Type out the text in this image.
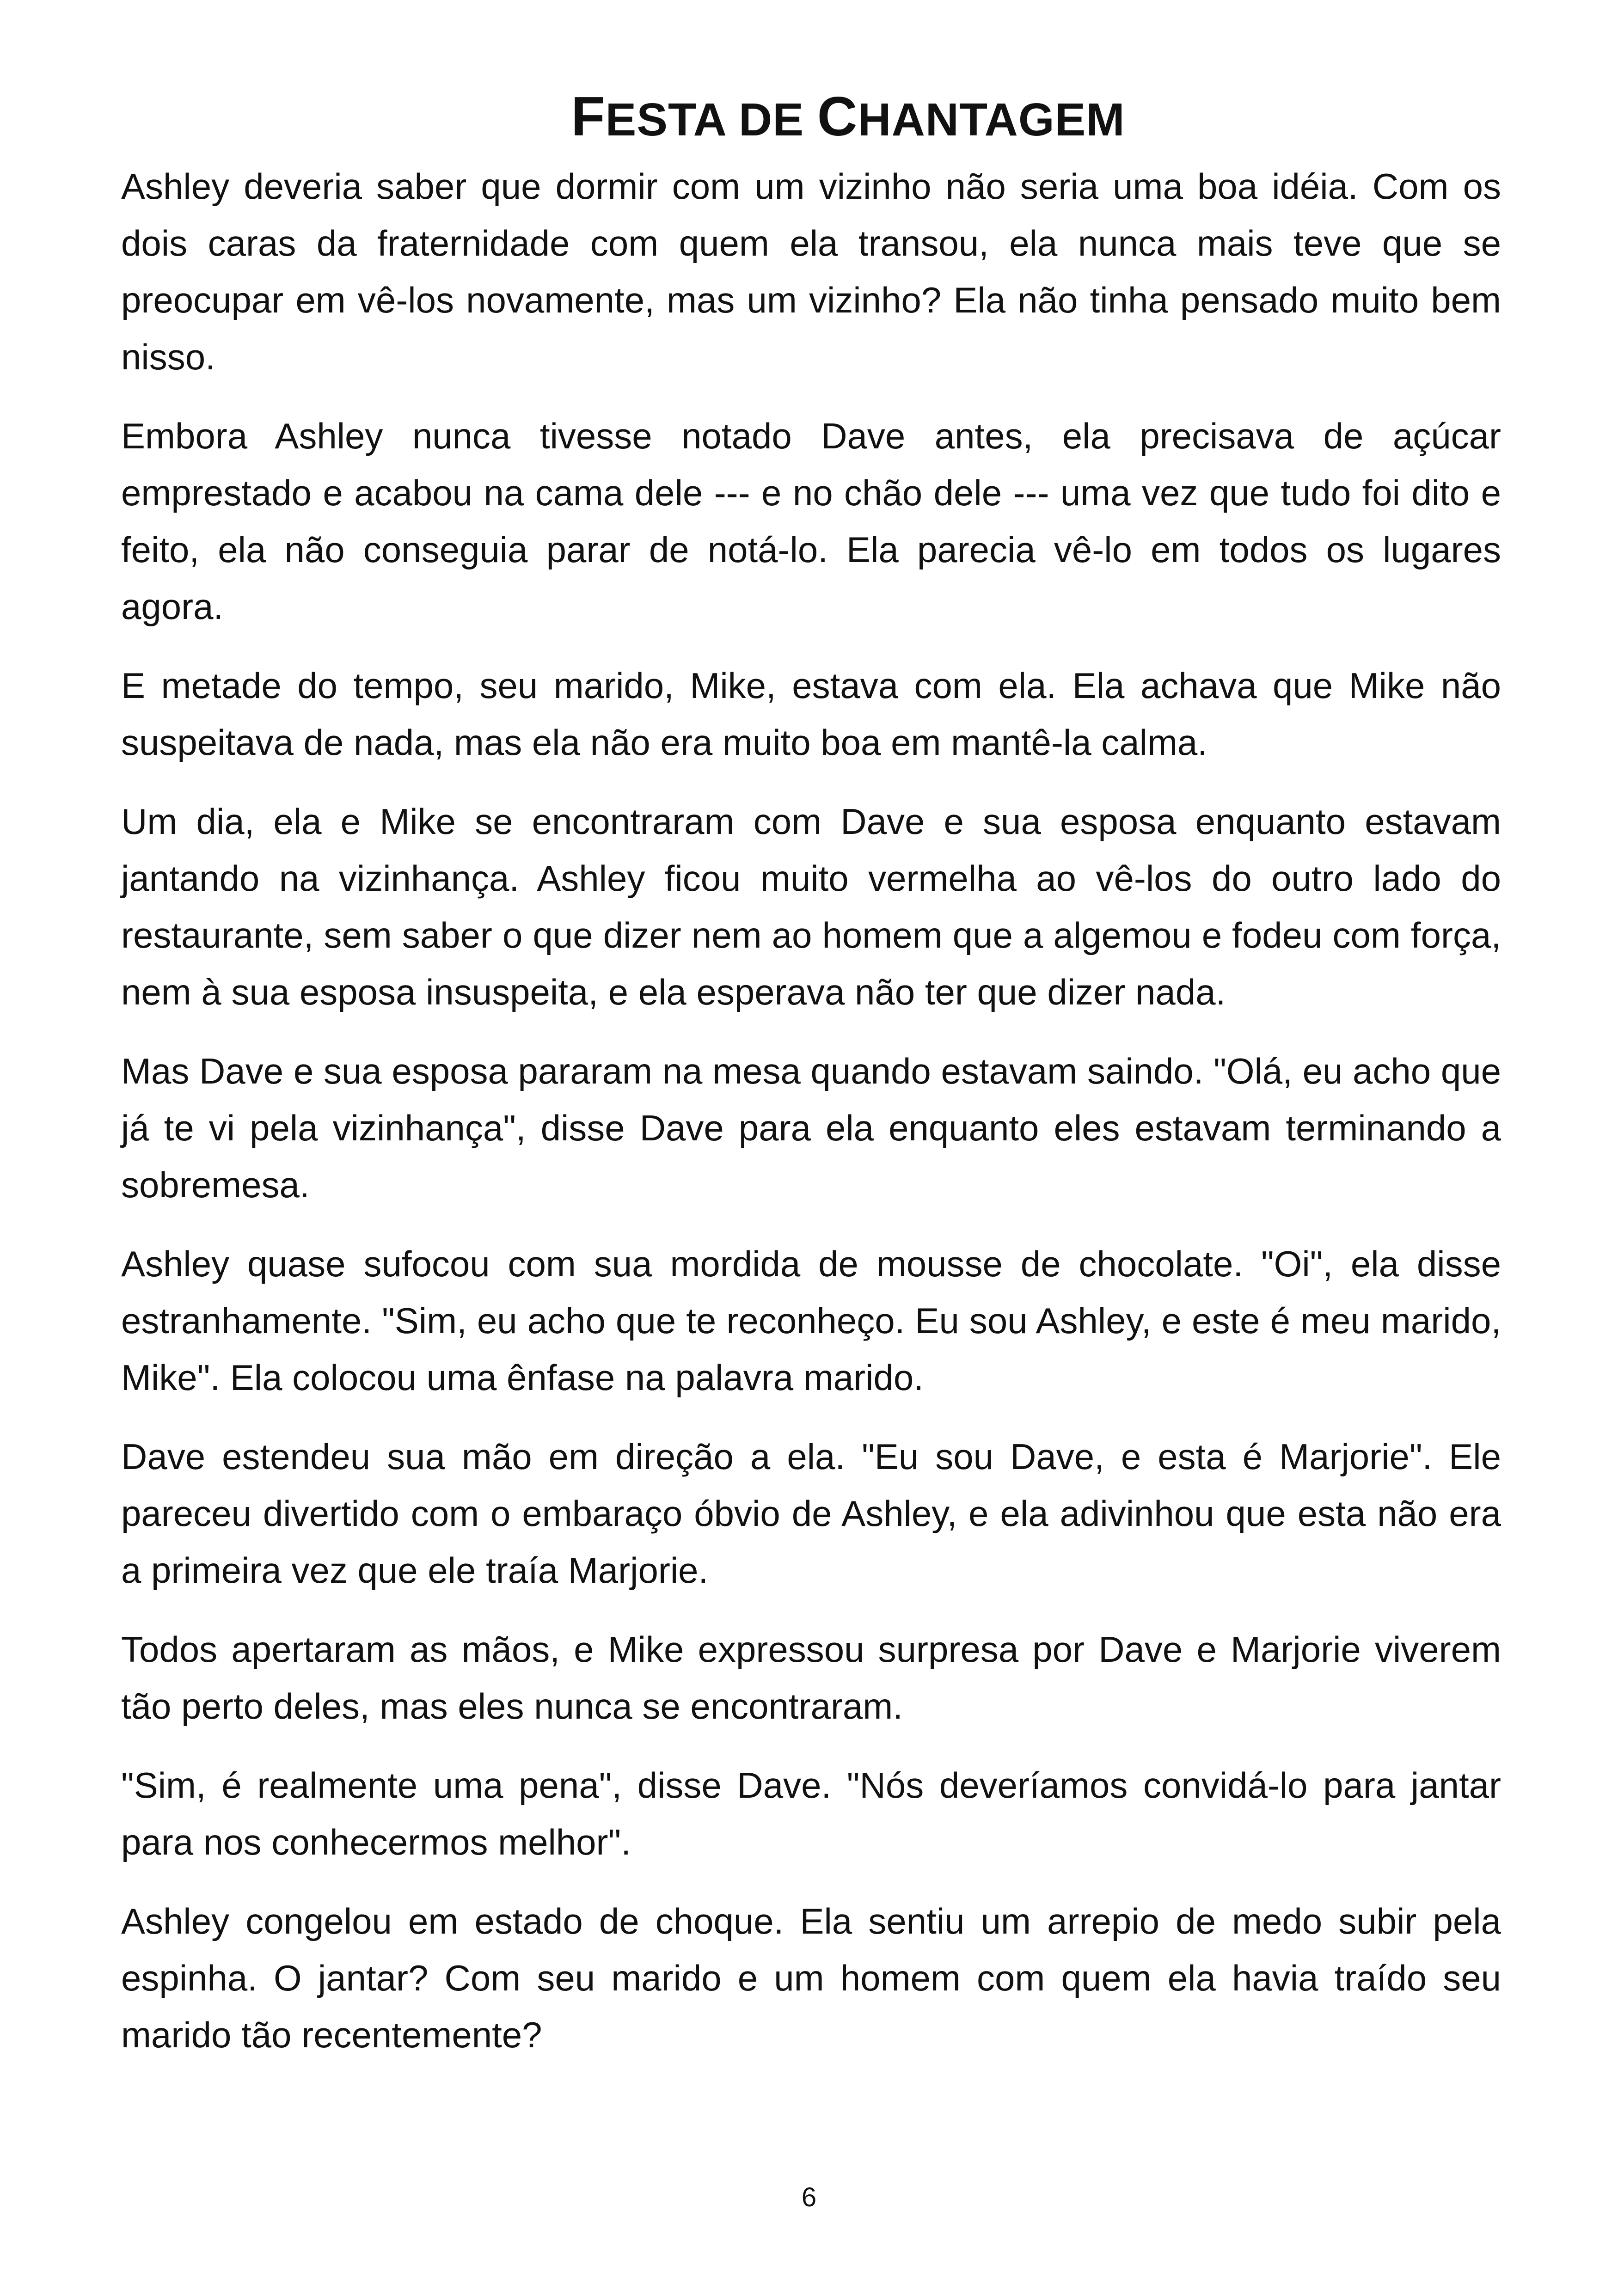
FESTA DE CHANTAGEM

Ashley deveria saber que dormir com um vizinho não seria uma boa idéia. Com os dois caras da fraternidade com quem ela transou, ela nunca mais teve que se preocupar em vê-los novamente, mas um vizinho? Ela não tinha pensado muito bem nisso.

Embora Ashley nunca tivesse notado Dave antes, ela precisava de açúcar emprestado e acabou na cama dele --- e no chão dele --- uma vez que tudo foi dito e feito, ela não conseguia parar de notá-lo. Ela parecia vê-lo em todos os lugares agora.

E metade do tempo, seu marido, Mike, estava com ela. Ela achava que Mike não suspeitava de nada, mas ela não era muito boa em mantê-la calma.

Um dia, ela e Mike se encontraram com Dave e sua esposa enquanto estavam jantando na vizinhança. Ashley ficou muito vermelha ao vê-los do outro lado do restaurante, sem saber o que dizer nem ao homem que a algemou e fodeu com força, nem à sua esposa insuspeita, e ela esperava não ter que dizer nada.

Mas Dave e sua esposa pararam na mesa quando estavam saindo. "Olá, eu acho que já te vi pela vizinhança", disse Dave para ela enquanto eles estavam terminando a sobremesa.

Ashley quase sufocou com sua mordida de mousse de chocolate. "Oi", ela disse estranhamente. "Sim, eu acho que te reconheço. Eu sou Ashley, e este é meu marido, Mike". Ela colocou uma ênfase na palavra marido.

Dave estendeu sua mão em direção a ela. "Eu sou Dave, e esta é Marjorie". Ele pareceu divertido com o embaraço óbvio de Ashley, e ela adivinhou que esta não era a primeira vez que ele traía Marjorie.

Todos apertaram as mãos, e Mike expressou surpresa por Dave e Marjorie viverem tão perto deles, mas eles nunca se encontraram.

"Sim, é realmente uma pena", disse Dave. "Nós deveríamos convidá-lo para jantar para nos conhecermos melhor".

Ashley congelou em estado de choque. Ela sentiu um arrepio de medo subir pela espinha. O jantar? Com seu marido e um homem com quem ela havia traído seu marido tão recentemente?

6
